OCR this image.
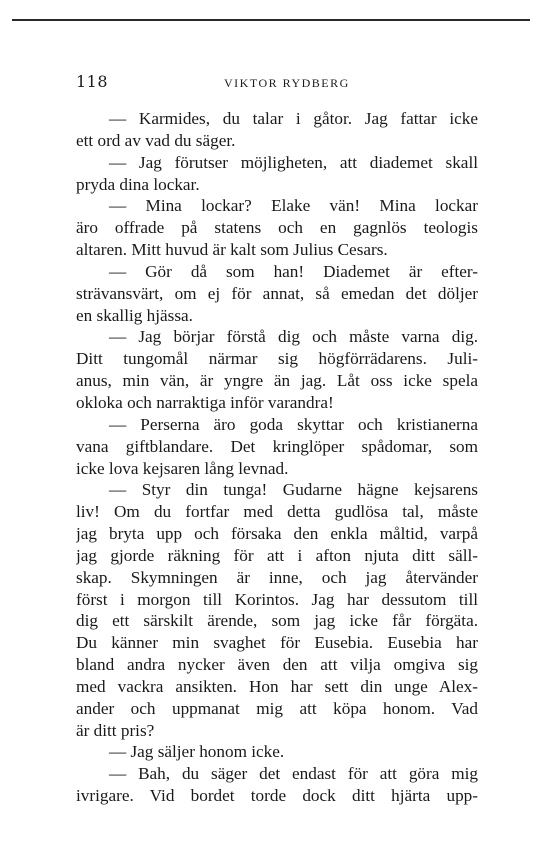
118	VIKTOR RYDBERG
— Karmides, du talar i gåtor. Jag fattar icke
ett ord av vad du säger.
— Jag förutser möjligheten, att diademet skall
pryda dina lockar.
— Mina lockar? Elake vän! Mina lockar
äro offrade på statens och en gagnlös teologis
altaren. Mitt huvud är kalt som Julius Cesars.
— Gör då som han! Diademet är efter-
strävansvärt, om ej för annat, så emedan det döljer
en skallig hjässa.
— Jag börjar förstå dig och måste varna dig.
Ditt tungomål närmar sig högförrädarens. Juli-
anus, min vän, är yngre än jag. Låt oss icke spela
okloka och narraktiga inför varandra!
— Perserna äro goda skyttar och kristianerna
vana giftblandare. Det kringlöper spådomar, som
icke lova kejsaren lång levnad.
— Styr din tunga! Gudarne hägne kejsarens
liv! Om du fortfar med detta gudlösa tal, måste
jag bryta upp och försaka den enkla måltid, varpå
jag gjorde räkning för att i afton njuta ditt säll-
skap. Skymningen är inne, och jag återvänder
först i morgon till Korintos. Jag har dessutom till
dig ett särskilt ärende, som jag icke får förgäta.
Du känner min svaghet för Eusebia. Eusebia har
bland andra nycker även den att vilja omgiva sig
med vackra ansikten. Hon har sett din unge Alex-
ander och uppmanat mig att köpa honom. Vad
är ditt pris?
— Jag säljer honom icke.
— Bah, du säger det endast för att göra mig
ivrigare. Vid bordet torde dock ditt hjärta upp-
